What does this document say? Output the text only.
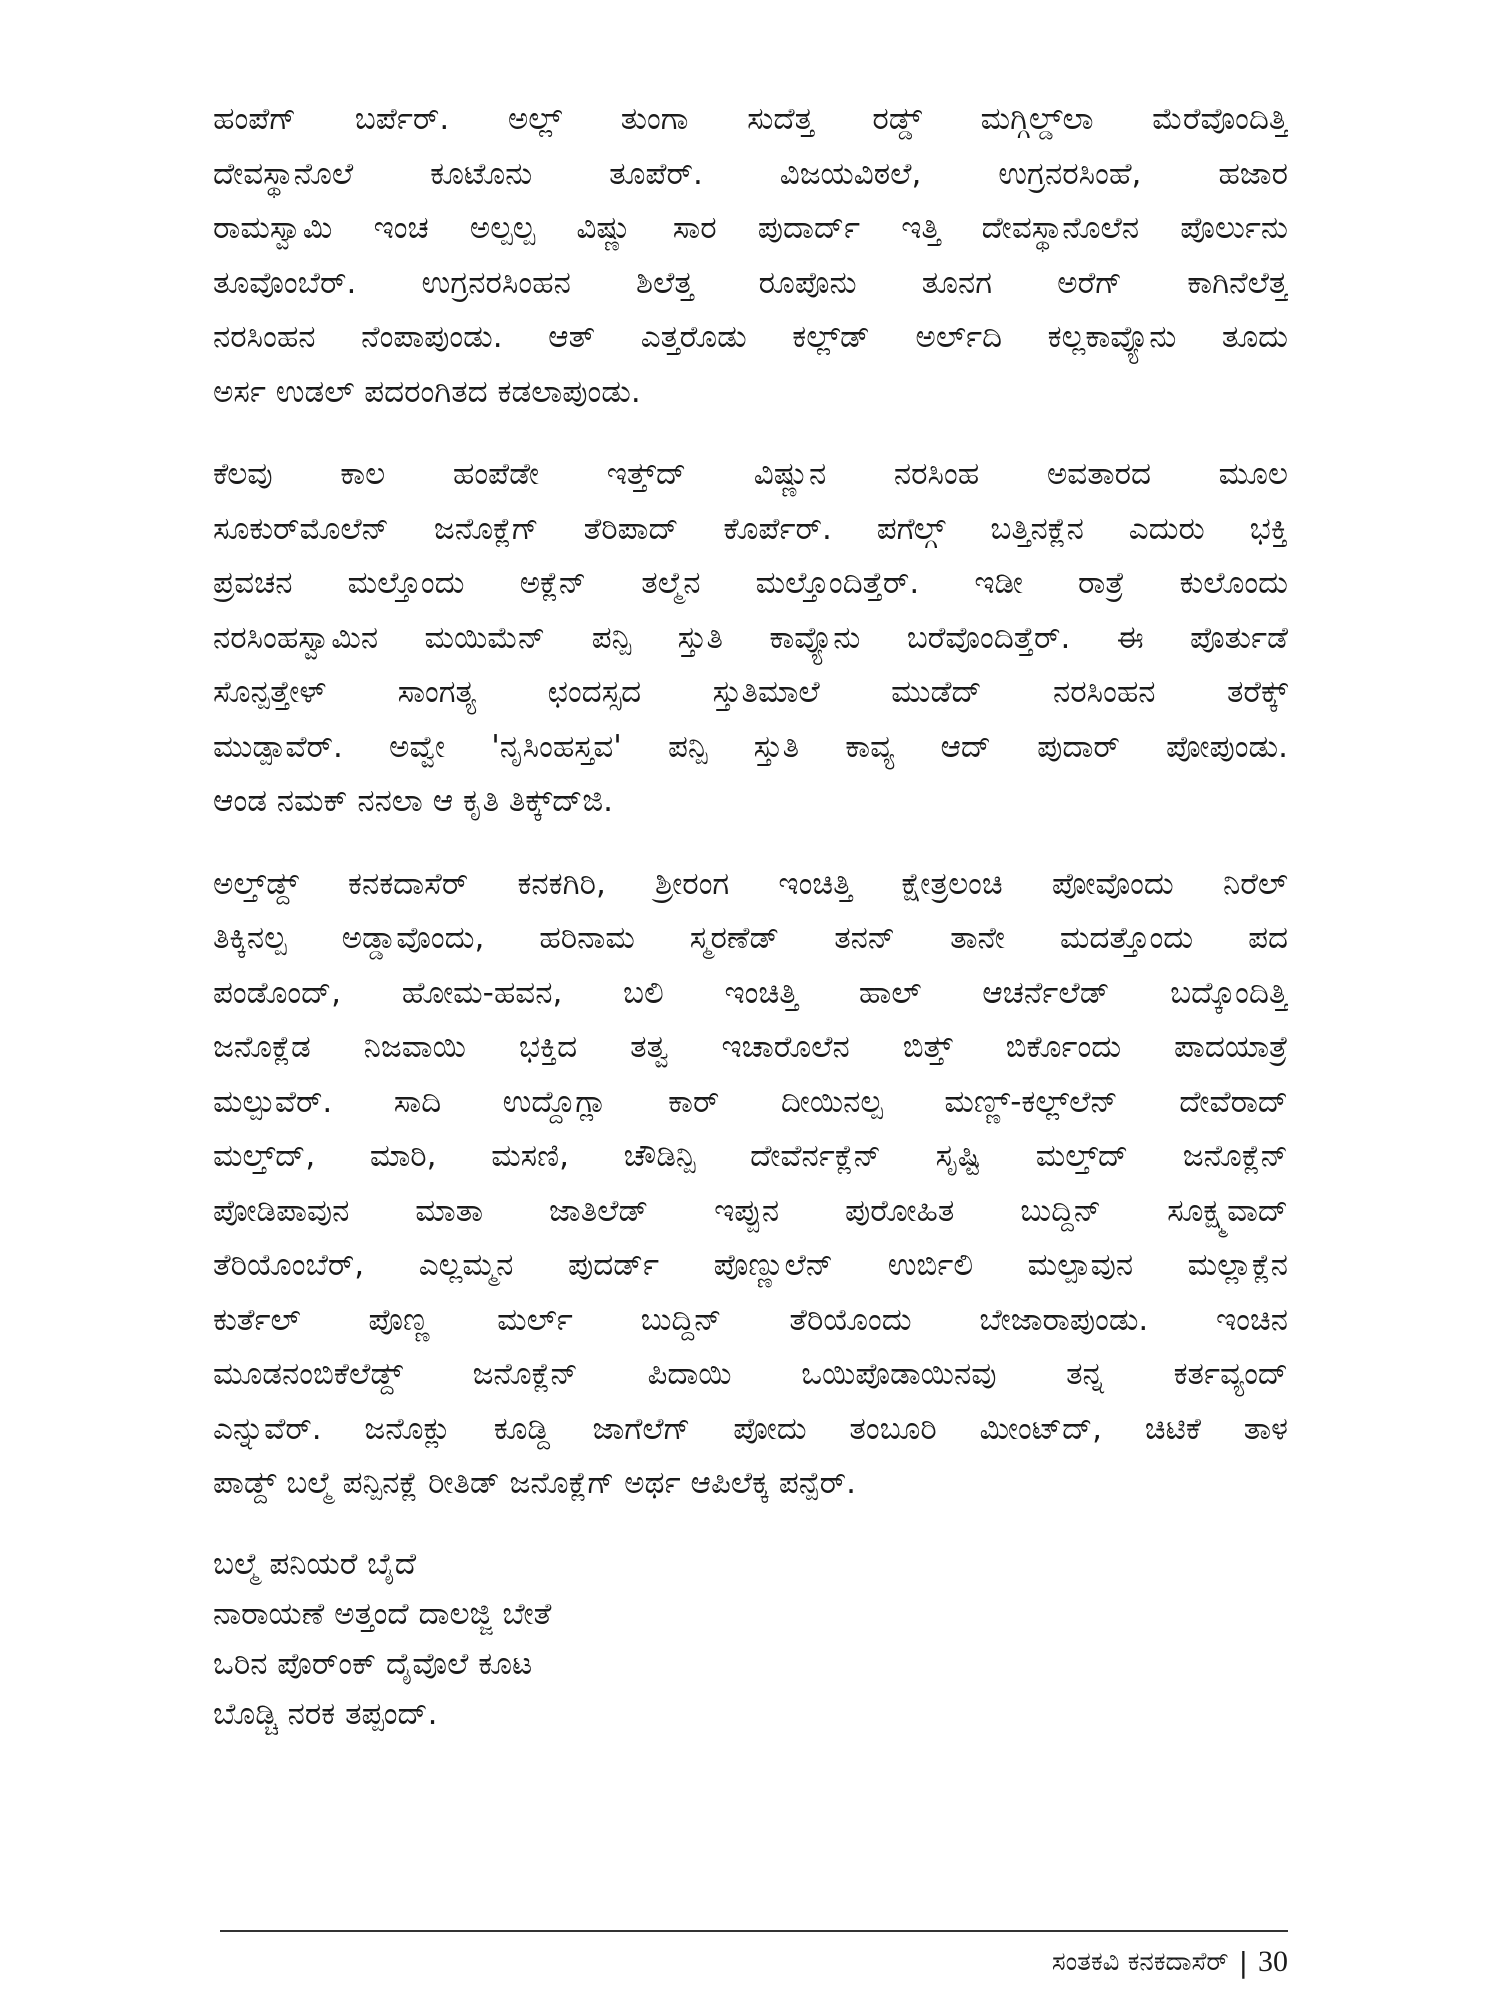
ಹಂಪೆಗ್ ಬರ್ಪೆರ್. ಅಲ್ಲ್ ತುಂಗಾ ಸುದೆತ್ತ ರಡ್ಡ್ ಮಗ್ಗಿಲ್ಡ್‌ಲಾ ಮೆರೆವೊಂದಿತ್ತಿ
ದೇವಸ್ಥಾನೊಲೆ ಕೂಟೊನು ತೂಪೆರ್. ವಿಜಯವಿಠಲೆ, ಉಗ್ರನರಸಿಂಹೆ, ಹಜಾರ
ರಾಮಸ್ವಾಮಿ ಇಂಚ ಅಲ್ಪಲ್ಪ ವಿಷ್ಣು ಸಾರ ಪುದಾರ್ದ್ ಇತ್ತಿ ದೇವಸ್ಥಾನೊಲೆನ ಪೊರ್ಲುನು
ತೂವೊಂಬೆರ್. ಉಗ್ರನರಸಿಂಹನ ಶಿಲೆತ್ತ ರೂಪೊನು ತೂನಗ ಅರೆಗ್ ಕಾಗಿನೆಲೆತ್ತ
ನರಸಿಂಹನ ನೆಂಪಾಪುಂಡು. ಆತ್ ಎತ್ತರೊಡು ಕಲ್ಲ್‌ಡ್ ಅರ್ಲ್‌ದಿ ಕಲ್ಲಕಾವ್ಯೊನು ತೂದು
ಅರ್ಸ ಉಡಲ್ ಪದರಂಗಿತದ ಕಡಲಾಪುಂಡು.
ಕೆಲವು ಕಾಲ ಹಂಪೆಡೇ ಇತ್ತ್‌ದ್ ವಿಷ್ಣುನ ನರಸಿಂಹ ಅವತಾರದ ಮೂಲ
ಸೂಕುರ್‌ಮೊಲೆನ್ ಜನೊಕ್ಲೆಗ್ ತೆರಿಪಾದ್ ಕೊರ್ಪೆರ್. ಪಗೆಲ್ಗ್ ಬತ್ತಿನಕ್ಲೆನ ಎದುರು ಭಕ್ತಿ
ಪ್ರವಚನ ಮಲ್ತೊಂದು ಅಕ್ಲೆನ್ ತಲ್ಮೆನ ಮಲ್ತೊಂದಿತ್ತೆರ್. ಇಡೀ ರಾತ್ರೆ ಕುಲೊಂದು
ನರಸಿಂಹಸ್ವಾಮಿನ ಮಯಿಮೆನ್ ಪನ್ಪಿ ಸ್ತುತಿ ಕಾವ್ಯೊನು ಬರೆವೊಂದಿತ್ತೆರ್. ಈ ಪೊರ್ತುಡೆ
ಸೊನ್ಪತ್ತೇಳ್ ಸಾಂಗತ್ಯ ಛಂದಸ್ಸದ ಸ್ತುತಿಮಾಲೆ ಮುಡೆದ್ ನರಸಿಂಹನ ತರೆಕ್ಕ್
ಮುಡ್ಪಾವೆರ್. ಅವ್ವೇ 'ನೃಸಿಂಹಸ್ತವ' ಪನ್ಪಿ ಸ್ತುತಿ ಕಾವ್ಯ ಆದ್ ಪುದಾರ್ ಪೋಪುಂಡು.
ಆಂಡ ನಮಕ್ ನನಲಾ ಆ ಕೃತಿ ತಿಕ್ಕ್‌ದ್‌ಜಿ.
ಅಲ್ತ್‌ಡ್ದ್ ಕನಕದಾಸೆರ್ ಕನಕಗಿರಿ, ಶ್ರೀರಂಗ ಇಂಚಿತ್ತಿ ಕ್ಷೇತ್ರಲಂಚಿ ಪೋವೊಂದು ನಿರೆಲ್
ತಿಕ್ಕಿನಲ್ಪ ಅಡ್ಡಾವೊಂದು, ಹರಿನಾಮ ಸ್ಮರಣೆಡ್ ತನನ್ ತಾನೇ ಮದತ್ತೊಂದು ಪದ
ಪಂಡೊಂದ್, ಹೋಮ-ಹವನ, ಬಲಿ ಇಂಚಿತ್ತಿ ಹಾಲ್ ಆಚರ್ನೆಲೆಡ್ ಬದ್ಕೊಂದಿತ್ತಿ
ಜನೊಕ್ಲೆಡ ನಿಜವಾಯಿ ಭಕ್ತಿದ ತತ್ವ ಇಚಾರೊಲೆನ ಬಿತ್ತ್ ಬಿರ್ಕೊಂದು ಪಾದಯಾತ್ರೆ
ಮಲ್ಪುವೆರ್. ಸಾದಿ ಉದ್ದೊಗ್ಲಾ ಕಾರ್ ದೀಯಿನಲ್ಪ ಮಣ್ಣ್-ಕಲ್ಲ್‌ಲೆನ್ ದೇವೆರಾದ್
ಮಲ್ತ್‌ದ್, ಮಾರಿ, ಮಸಣಿ, ಚೌಡಿನ್ಪಿ ದೇವೆರ್ನಕ್ಲೆನ್ ಸೃಷ್ಟಿ ಮಲ್ತ್‌ದ್ ಜನೊಕ್ಲೆನ್
ಪೋಡಿಪಾವುನ ಮಾತಾ ಜಾತಿಲೆಡ್ ಇಪ್ಪುನ ಪುರೋಹಿತ ಬುದ್ದಿನ್ ಸೂಕ್ಷ್ಮವಾದ್
ತೆರಿಯೊಂಬೆರ್, ಎಲ್ಲಮ್ಮನ ಪುದರ್ಡ್ ಪೊಣ್ಣುಲೆನ್ ಉರ್ಬಿಲಿ ಮಲ್ಪಾವುನ ಮಲ್ಲಾಕ್ಲೆನ
ಕುರ್ತೆಲ್ ಪೊಣ್ಣ ಮರ್ಲ್ ಬುದ್ದಿನ್ ತೆರಿಯೊಂದು ಬೇಜಾರಾಪುಂಡು. ಇಂಚಿನ
ಮೂಡನಂಬಿಕೆಲೆಡ್ದ್ ಜನೊಕ್ಲೆನ್ ಪಿದಾಯಿ ಒಯಿಪೊಡಾಯಿನವು ತನ್ನ ಕರ್ತವ್ಯಂದ್
ಎನ್ನುವೆರ್. ಜನೊಕ್ಲು ಕೂಡ್ದಿ ಜಾಗೆಲೆಗ್ ಪೋದು ತಂಬೂರಿ ಮೀಂಟ್‌ದ್, ಚಿಟಿಕೆ ತಾಳ
ಪಾಡ್ದ್ ಬಲ್ಮೆ ಪನ್ಪಿನಕ್ಲೆ ರೀತಿಡ್ ಜನೊಕ್ಲೆಗ್ ಅರ್ಥ ಆಪಿಲೆಕ್ಕ ಪನ್ಪೆರ್.
ಬಲ್ಮೆ ಪನಿಯರೆ ಬೈದೆ
ನಾರಾಯಣೆ ಅತ್ತಂದೆ ದಾಲಜ್ಜಿ ಬೇತೆ
ಒರಿನ ಪೊರ್‌ಂಕ್ ದೈವೊಲೆ ಕೂಟ
ಬೊಡ್ಚಿ ನರಕ ತಪ್ಪಂದ್.
ಸಂತಕವಿ ಕನಕದಾಸೆರ್ | 30
